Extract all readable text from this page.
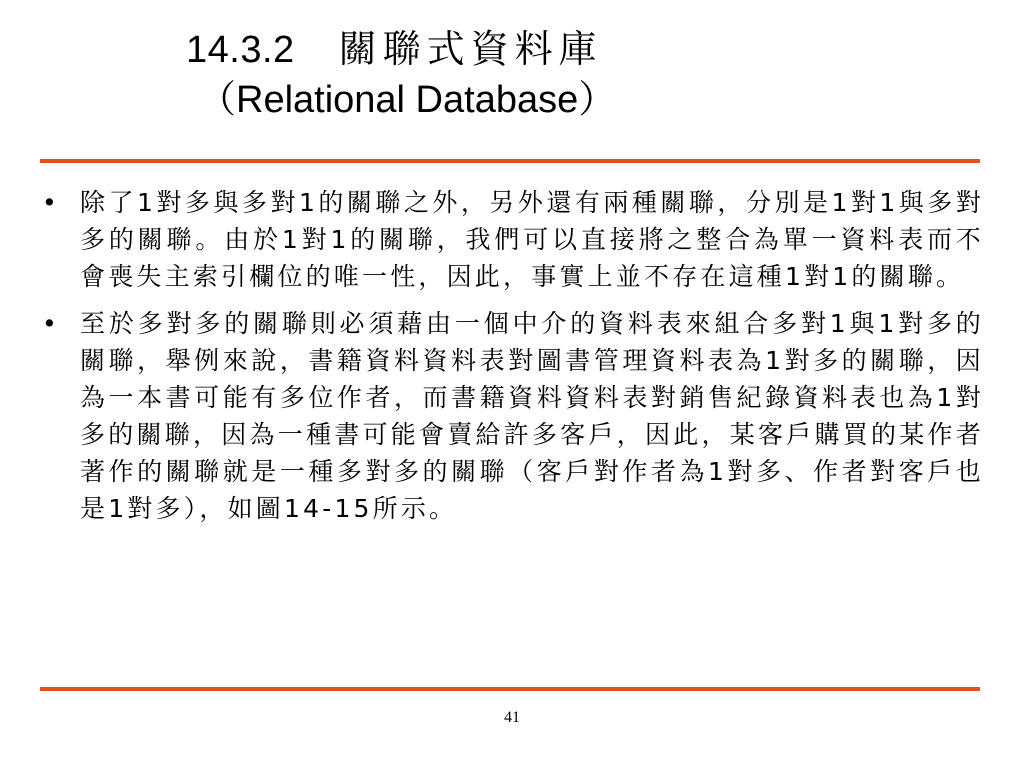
14.3.2 關聯式資料庫
（Relational Database）
• 除了1對多與多對1的關聯之外，另外還有兩種關聯，分別是1對1與多對多的關聯。由於1對1的關聯，我們可以直接將之整合為單一資料表而不會喪失主索引欄位的唯一性，因此，事實上並不存在這種1對1的關聯。
• 至於多對多的關聯則必須藉由一個中介的資料表來組合多對1與1對多的關聯，舉例來說，書籍資料資料表對圖書管理資料表為1對多的關聯，因為一本書可能有多位作者，而書籍資料資料表對銷售紀錄資料表也為1對多的關聯，因為一種書可能會賣給許多客戶，因此，某客戶購買的某作者著作的關聯就是一種多對多的關聯（客戶對作者為1對多、作者對客戶也是1對多），如圖14-15所示。
41
